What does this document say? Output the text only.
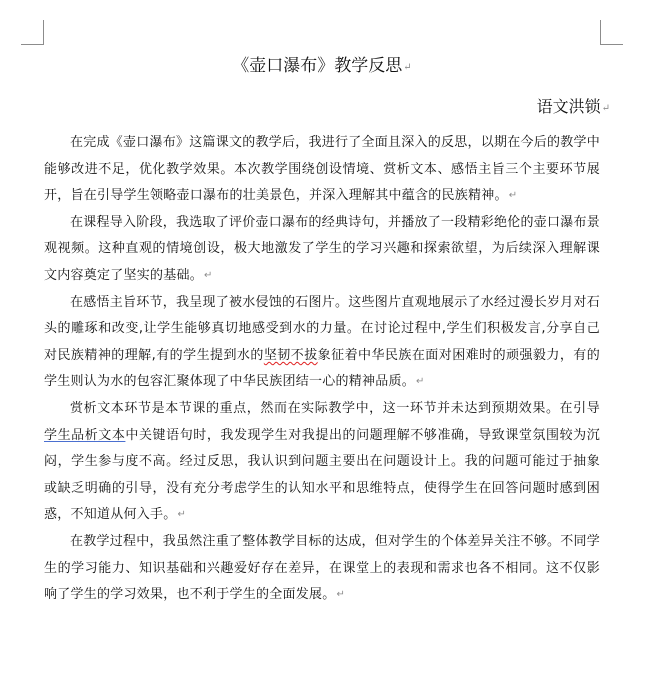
《壶口瀑布》教学反思↵
语文洪锁↵

在完成《壶口瀑布》这篇课文的教学后，我进行了全面且深入的反思，以期在今后的教学中能够改进不足，优化教学效果。本次教学围绕创设情境、赏析文本、感悟主旨三个主要环节展开，旨在引导学生领略壶口瀑布的壮美景色，并深入理解其中蕴含的民族精神。↵

在课程导入阶段，我选取了评价壶口瀑布的经典诗句，并播放了一段精彩绝伦的壶口瀑布景观视频。这种直观的情境创设，极大地激发了学生的学习兴趣和探索欲望，为后续深入理解课文内容奠定了坚实的基础。↵

在感悟主旨环节，我呈现了被水侵蚀的石图片。这些图片直观地展示了水经过漫长岁月对石头的雕琢和改变,让学生能够真切地感受到水的力量。在讨论过程中,学生们积极发言,分享自己对民族精神的理解,有的学生提到水的坚韧不拔象征着中华民族在面对困难时的顽强毅力，有的学生则认为水的包容汇聚体现了中华民族团结一心的精神品质。↵

赏析文本环节是本节课的重点，然而在实际教学中，这一环节并未达到预期效果。在引导学生品析文本中关键语句时，我发现学生对我提出的问题理解不够准确，导致课堂氛围较为沉闷，学生参与度不高。经过反思，我认识到问题主要出在问题设计上。我的问题可能过于抽象或缺乏明确的引导，没有充分考虑学生的认知水平和思维特点，使得学生在回答问题时感到困惑，不知道从何入手。↵

在教学过程中，我虽然注重了整体教学目标的达成，但对学生的个体差异关注不够。不同学生的学习能力、知识基础和兴趣爱好存在差异，在课堂上的表现和需求也各不相同。这不仅影响了学生的学习效果，也不利于学生的全面发展。↵
